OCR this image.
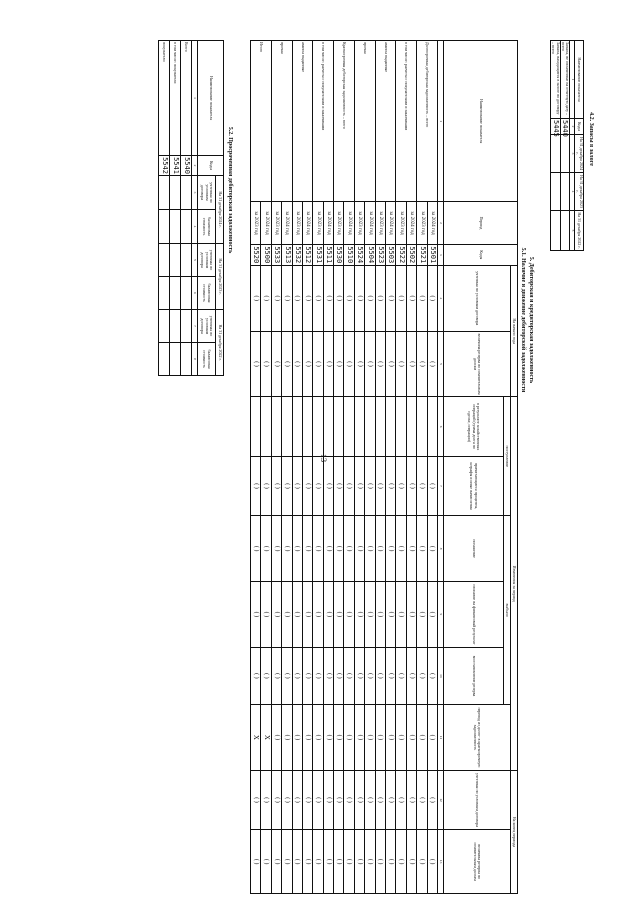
13
4.2. Запасы в залоге
Наименование показателя	Коды	На 31 декабря 2024 г.	На 31 декабря 2023 г.	На 31 декабря 2022 г.
1	2	3	4	5
Запасы, не оплаченные на отчетную дату – всего	5440			
Запасы, находящиеся в залоге по договору – всего	5445			
5. Дебиторская и кредиторская задолженность
5.1. Наличие и движение дебиторской задолженности
Наименование показателя	Период	Коды	На начало года		Изменения за период						На конец периода	
			учтенная по условиям договора	величина резерва по сомнительным долгам	поступление		выбыло			перевод из долго- в краткосрочную задолженность	учтенная по условиям договора	величина резерва по сомнительным долгам
					в результате хозяйственных операций (сумма долга по сделке, операции)	причитающиеся проценты, штрафы и иные начисления	погашение	списание на финансовый результат	восстановление резерва			
1	2	3	4	5	6	7	8	9	10	11	12	13
Долгосрочная дебиторская задолженность – всего	за 2024 год	5501	( )	( )		( )	( )	( )	( )	( )	( )	( )
	за 2023 год	5521	( )	( )		( )	( )	( )	( )	( )	( )	( )
в том числе: расчеты с покупателями и заказчиками	за 2024 год	5502	( )	( )		( )	( )	( )	( )	( )	( )	( )
	за 2023 год	5522	( )	( )		( )	( )	( )	( )	( )	( )	( )
авансы выданные	за 2024 год	5503	( )	( )		( )	( )	( )	( )	( )	( )	( )
	за 2023 год	5523	( )	( )		( )	( )	( )	( )	( )	( )	( )
прочая	за 2024 год	5504	( )	( )		( )	( )	( )	( )	( )	( )	( )
	за 2023 год	5524	( )	( )		( )	( )	( )	( )	( )	( )	( )
Краткосрочная дебиторская задолженность – всего	за 2024 год	5510	( )	( )		( )	( )	( )	( )	( )	( )	( )
	за 2023 год	5530	( )	( )		( )	( )	( )	( )	( )	( )	( )
в том числе: расчеты с покупателями и заказчиками	за 2024 год	5511	( )	( )		( )	( )	( )	( )	( )	( )	( )
	за 2023 год	5531	( )	( )		( )	( )	( )	( )	( )	( )	( )
авансы выданные	за 2024 год	5512	( )	( )		( )	( )	( )	( )	( )	( )	( )
	за 2023 год	5532	( )	( )		( )	( )	( )	( )	( )	( )	( )
прочая	за 2024 год	5513	( )	( )		( )	( )	( )	( )	( )	( )	( )
	за 2023 год	5533	( )	( )		( )	( )	( )	( )	( )	( )	( )
Итого	за 2024 год	5500	( )	( )		( )	( )	( )	( )	X	( )	( )
	за 2023 год	5520	( )	( )		( )	( )	( )	( )	X	( )	( )
5.2. Просроченная дебиторская задолженность
Наименование показателя	Коды	На 31 декабря 2024 г.		На 31 декабря 2023 г.		На 31 декабря 2022 г.	
		учтенная по условиям договора	балансовая стоимость	учтенная по условиям договора	балансовая стоимость	учтенная по условиям договора	балансовая стоимость
1	2	3	4	5	6	7	8
Всего	5540						
в том числе: покупатели	5541						
покупатели	5542						
